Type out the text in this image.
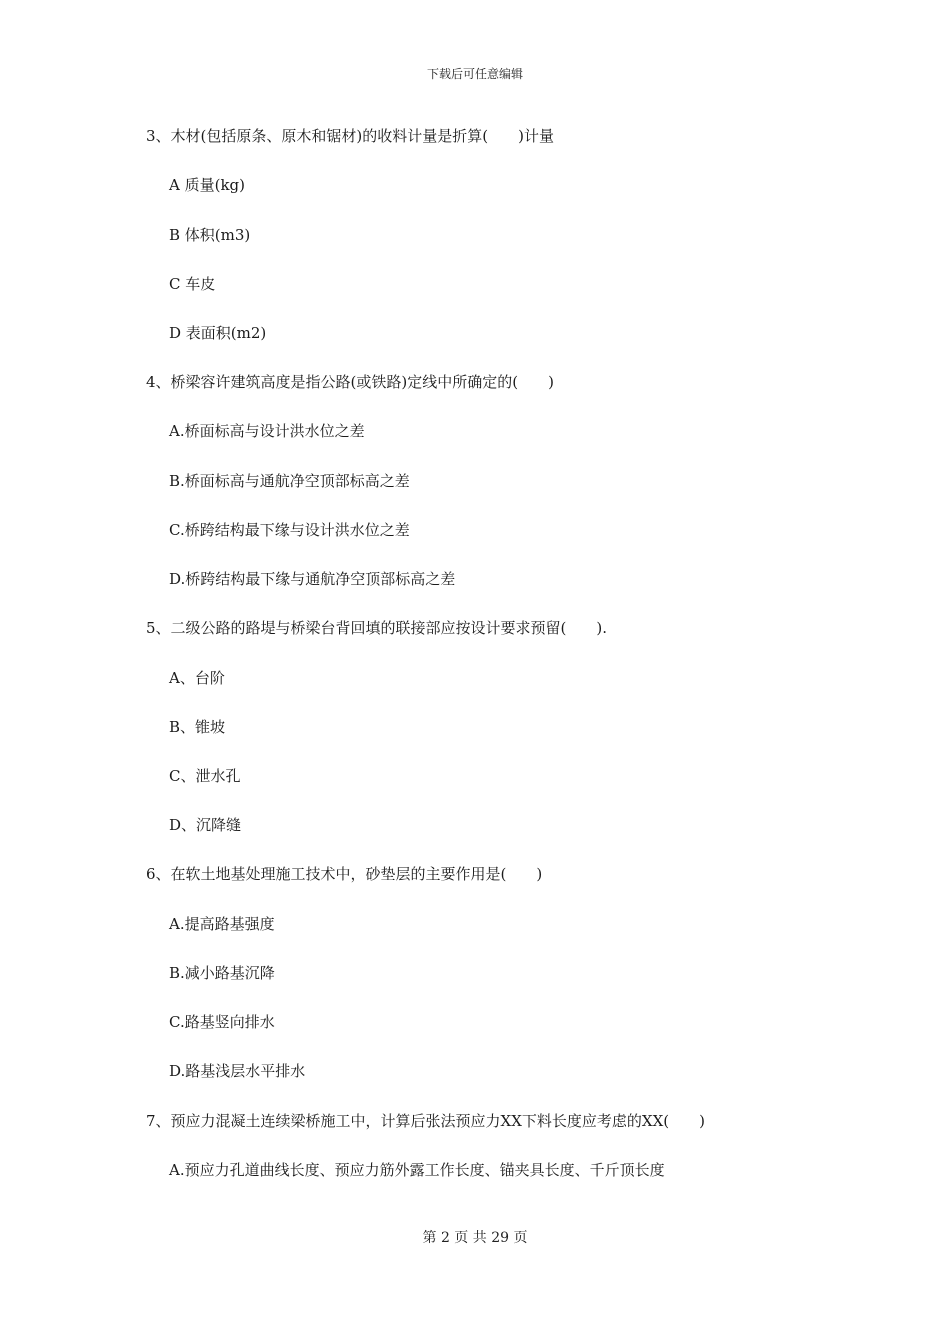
下载后可任意编辑
3、木材(包括原条、原木和锯材)的收料计量是折算(　　)计量
A 质量(kg)
B 体积(m3)
C 车皮
D 表面积(m2)
4、桥梁容许建筑高度是指公路(或铁路)定线中所确定的(　　)
A.桥面标高与设计洪水位之差
B.桥面标高与通航净空顶部标高之差
C.桥跨结构最下缘与设计洪水位之差
D.桥跨结构最下缘与通航净空顶部标高之差
5、二级公路的路堤与桥梁台背回填的联接部应按设计要求预留(　　).
A、台阶
B、锥坡
C、泄水孔
D、沉降缝
6、在软土地基处理施工技术中，砂垫层的主要作用是(　　)
A.提高路基强度
B.减小路基沉降
C.路基竖向排水
D.路基浅层水平排水
7、预应力混凝土连续梁桥施工中，计算后张法预应力XX下料长度应考虑的XX(　　)
A.预应力孔道曲线长度、预应力筋外露工作长度、锚夹具长度、千斤顶长度
第 2 页 共 29 页
